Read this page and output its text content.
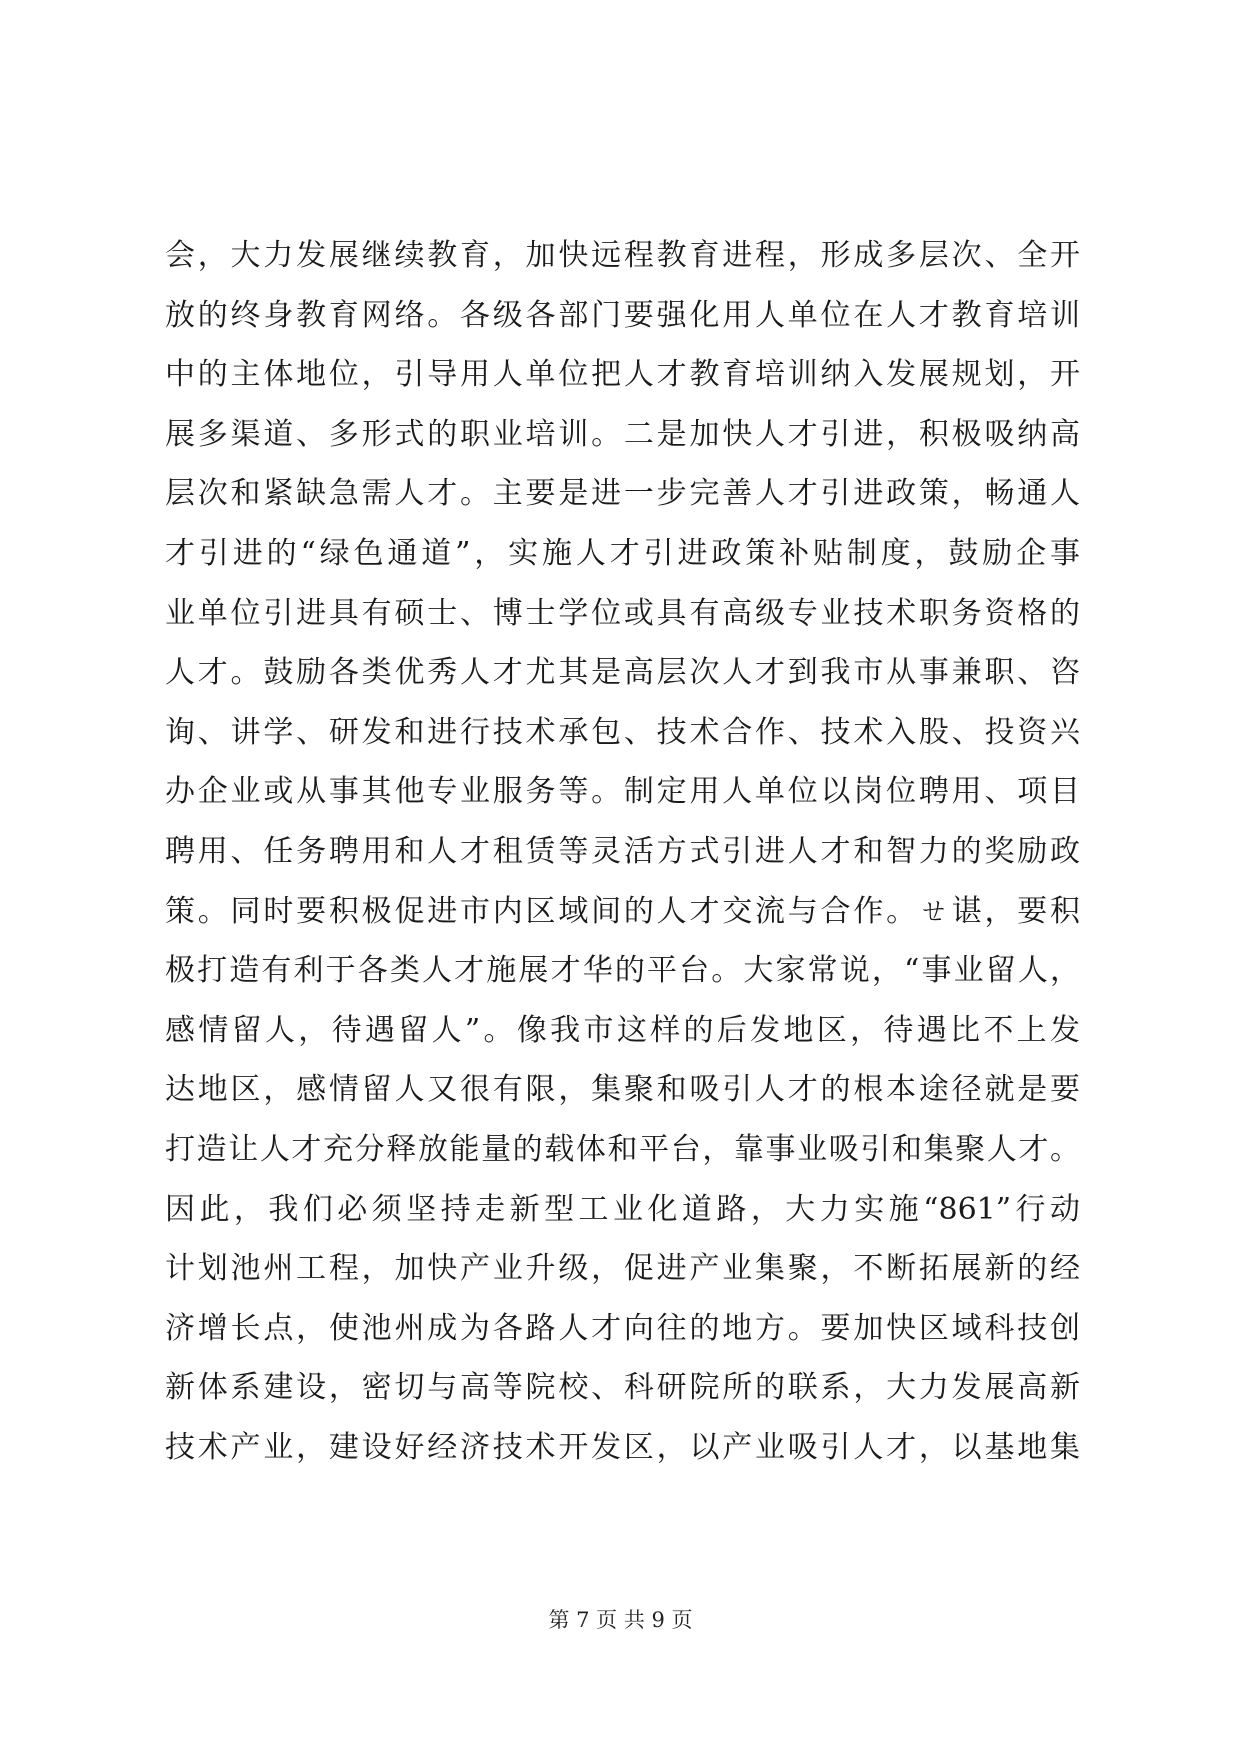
会，大力发展继续教育，加快远程教育进程，形成多层次、全开
放的终身教育网络。各级各部门要强化用人单位在人才教育培训
中的主体地位，引导用人单位把人才教育培训纳入发展规划，开
展多渠道、多形式的职业培训。二是加快人才引进，积极吸纳高
层次和紧缺急需人才。主要是进一步完善人才引进政策，畅通人
才引进的“绿色通道”，实施人才引进政策补贴制度，鼓励企事
业单位引进具有硕士、博士学位或具有高级专业技术职务资格的
人才。鼓励各类优秀人才尤其是高层次人才到我市从事兼职、咨
询、讲学、研发和进行技术承包、技术合作、技术入股、投资兴
办企业或从事其他专业服务等。制定用人单位以岗位聘用、项目
聘用、任务聘用和人才租赁等灵活方式引进人才和智力的奖励政
策。同时要积极促进市内区域间的人才交流与合作。ㄝ谌，要积
极打造有利于各类人才施展才华的平台。大家常说，“事业留人，
感情留人，待遇留人”。像我市这样的后发地区，待遇比不上发
达地区，感情留人又很有限，集聚和吸引人才的根本途径就是要
打造让人才充分释放能量的载体和平台，靠事业吸引和集聚人才。
因此，我们必须坚持走新型工业化道路，大力实施“861”行动
计划池州工程，加快产业升级，促进产业集聚，不断拓展新的经
济增长点，使池州成为各路人才向往的地方。要加快区域科技创
新体系建设，密切与高等院校、科研院所的联系，大力发展高新
技术产业，建设好经济技术开发区，以产业吸引人才，以基地集
第 7 页 共 9 页
